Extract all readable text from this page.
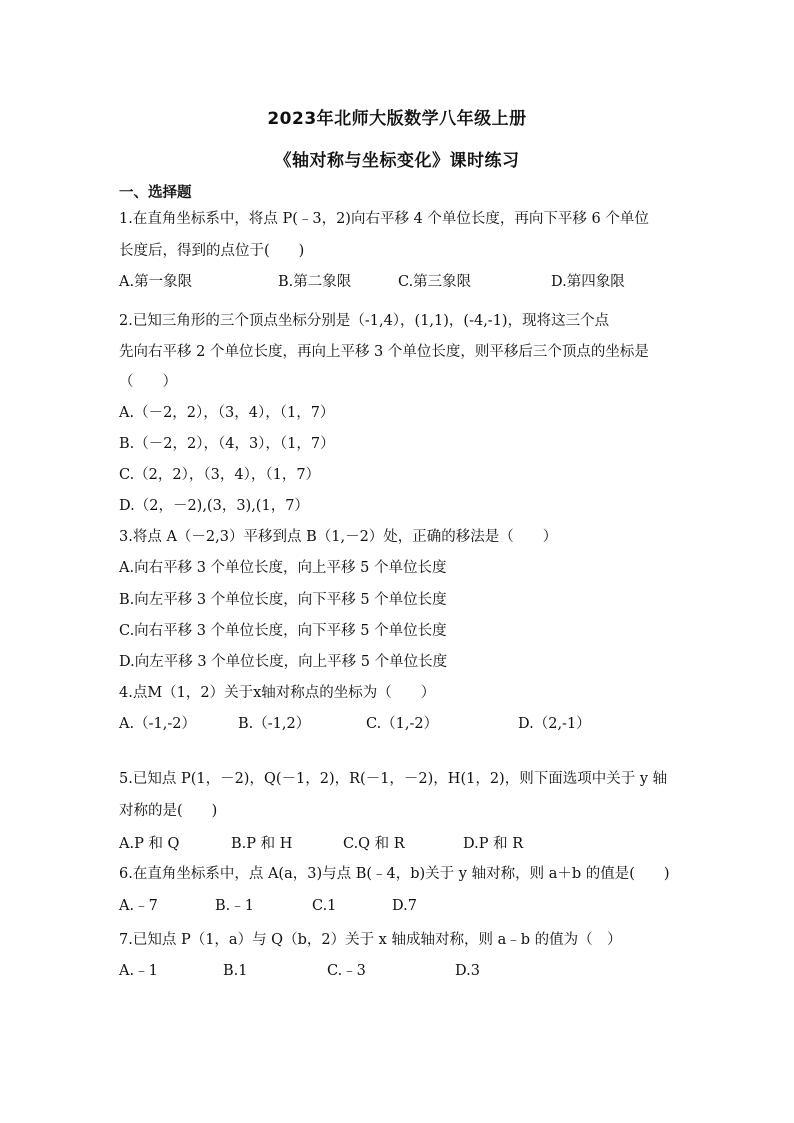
2023年北师大版数学八年级上册
《轴对称与坐标变化》课时练习
一、选择题
1.在直角坐标系中，将点 P(﹣3，2)向右平移 4 个单位长度，再向下平移 6 个单位
长度后，得到的点位于(　　)
A.第一象限	B.第二象限	C.第三象限	D.第四象限
2.已知三角形的三个顶点坐标分别是（-1,4），(1,1)，(-4,-1)，现将这三个点
先向右平移 2 个单位长度，再向上平移 3 个单位长度，则平移后三个顶点的坐标是
（　　）
A.（－2，2），（3，4），（1，7）
B.（－2，2），（4，3），（1，7）
C.（2，2），（3，4），（1，7）
D.（2，－2),(3，3),(1，7）
3.将点 A（－2,3）平移到点 B（1,－2）处，正确的移法是（　　）
A.向右平移 3 个单位长度，向上平移 5 个单位长度
B.向左平移 3 个单位长度，向下平移 5 个单位长度
C.向右平移 3 个单位长度，向下平移 5 个单位长度
D.向左平移 3 个单位长度，向上平移 5 个单位长度
4.点M（1，2）关于x轴对称点的坐标为（　　）
A.（-1,-2）	B.（-1,2）	C.（1,-2）	D.（2,-1）
5.已知点 P(1，－2)，Q(－1，2)，R(－1，－2)，H(1，2)，则下面选项中关于 y 轴
对称的是(　　)
A.P 和 Q	B.P 和 H	C.Q 和 R	D.P 和 R
6.在直角坐标系中，点 A(a，3)与点 B(﹣4，b)关于 y 轴对称，则 a＋b 的值是(　　)
A.﹣7	B.﹣1	C.1	D.7
7.已知点 P（1，a）与 Q（b，2）关于 x 轴成轴对称，则 a﹣b 的值为（　）
A.﹣1	B.1	C.﹣3	D.3
